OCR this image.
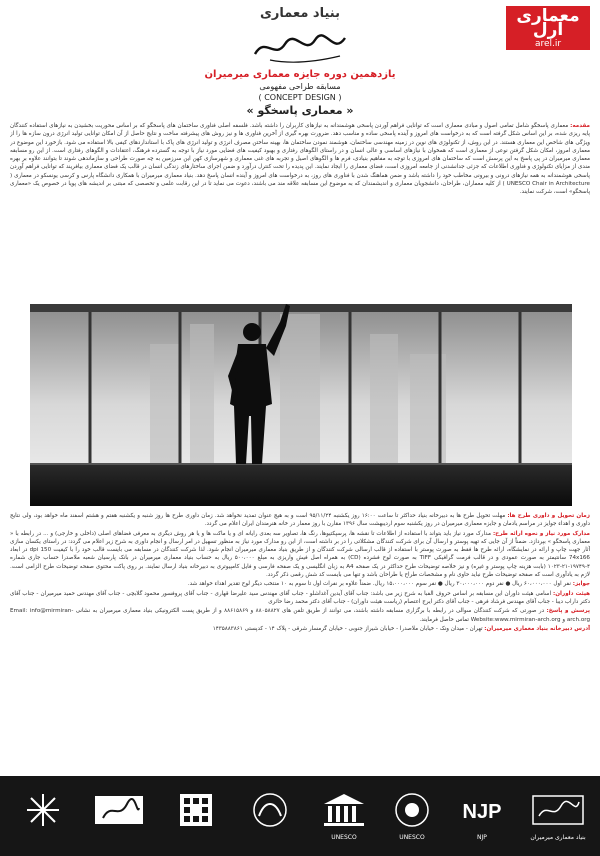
معماری آرل
arel.ir
بنیاد معماری
یازدهمین دوره جایزه معماری میرمیران
مسابقه طراحی مفهومی
( CONCEPT DESIGN )
« معماری پاسخگو »
مقدمه: معماری پاسخگو شامل تمامی اصول و مبادی معماری است که توانایی فراهم آوردن پاسخی هوشمندانه به نیازهای کاربران را داشته باشد. فلسفه اصلی فناوری ساختمان های پاسخگو که بر اساس محوریت بخشیدن به نیازهای استفاده کنندگان پایه ریزی شده، بر این اساس شکل گرفته است که به درخواست های امروز و آینده پاسخی ساده و مناسب دهد. ضرورت بهره گیری از آخرین فناوری ها و نیز روش های پیشرفته ساخت و نتایج حاصل از آن امکان توانایی تولید انرژی درون سازه ها را از ویژگی های شاخص این معماری هستند. در این روش، از تکنولوژی های نوین در زمینه مهندسی ساختمان، هوشمند نمودن ساختمان ها، بهینه ساختن مصرف انرژی و تولید انرژی های پاک با استانداردهای کیفی بالا استفاده می شود. بازخورد این موضوع در معماری امروز، امکان شکل گرفتن نوعی از معماری است که همخوان با نیازهای اساسی و عالی انسان و در راستای الگوهای رفتاری و بهبود کیفیت های فضایی مورد نیاز با توجه به گسترده فرهنگ، اعتقادات و الگوهای رفتاری است. از این رو مسابقه معماری میرمیران در پی پاسخ به این پرسش است که ساختمان های امروزی با توجه به مفاهیم بنیادی، فرم ها و الگوهای اصیل و تجربه های غنی معماری و شهرسازی کهن این سرزمین به چه صورت طراحی و سازماندهی شوند تا بتوانند علاوه بر بهره مندی از مزایای تکنولوژی و فناوری اطلاعات که جزئی جدانشدنی از جامعه امروزی است، فضای معماری را ایجاد نمایند. این پدیده را تحت کنترل درآورد و ضمن اجرای ساختارهای زندگی انسان در قالب یک فضای معماری بیافریند که توانایی فراهم آوردن پاسخی هوشمندانه به همه نیازهای درونی و بیرونی مخاطب خود را داشته باشد و ضمن هماهنگ شدن با فناوری های روز، به درخواست های امروز و آینده انسان پاسخ دهد. بنیاد معماری میرمیران با همکاری دانشگاه پارس و کرسی یونسکو در معماری ( UNESCO Chair in Architecture ) از کلیه معماران، طراحان، دانشجویان معماری و اندیشمندان که به موضوع این مسابقه علاقه مند می باشند، دعوت می نماید تا در این رقابت علمی و تخصصی که مبتنی بر اندیشه های پویا در خصوص یک «معماری پاسخگو» است، شرکت نمایند.

زمان تحویل و داوری طرح ها: مهلت تحویل طرح ها به دبیرخانه بنیاد حداکثر تا ساعت ۱۶:۰۰ روز یکشنبه ۹۵/۱۱/۲۴ است و به هیچ عنوان تمدید نخواهد شد. زمان داوری طرح ها روز شنبه و یکشنبه هفتم و هشتم اسفند ماه خواهد بود، ولی نتایج داوری و اهداء جوایز در مراسم یادمان و جایزه معماری میرمیران در روز یکشنبه سوم اردیبهشت سال ۱۳۹۶ مقارن با روز معمار در خانه هنرمندان ایران اعلام می گردد.

مدارک مورد نیاز و نحوه ارائه طرح: مدارک مورد نیاز باید بتواند با استفاده از اطلاعات تا نقشه ها، پرسپکتیوها، رنگ ها، تصاویر سه بعدی رایانه ای و یا ماکت ها و یا هر روش دیگری به معرفی فضاهای اصلی (داخلی و خارجی) و ... در رابطه با « معماری پاسخگو » بپردازد. ضمناً از آن جایی که تهیه پوستر و ارسال آن برای شرکت کنندگان مشکلاتی را در بر داشته است، از این رو مدارک مورد نیاز به منظور تسهیل در امر ارسال و انجام داوری به شرح زیر اعلام می گردد: در راستای یکسان سازی آثار جهت چاپ و ارائه در نمایشگاه، ارائه طرح ها فقط به صورت پوستر با استفاده از قالب ارسالی شرکت کنندگان و از طریق بنیاد معماری میرمیران انجام شود. لذا شرکت کنندگان در مسابقه می بایست قالب خود را با کیفیت 150 dpi در ابعاد 74x166 سانتیمتر به صورت عمودی و در قالب فرمت گرافیکی TIFF به صورت لوح فشرده (CD) به همراه اصل فیش واریزی به مبلغ ۵۰۰،۰۰۰ ریال به حساب بنیاد معماری میرمیران در بانک پارسیان شعبه ملاصدرا حساب جاری شماره ۴-۱۹۷۴۹-۲۱-۱۰۲۳ (بابت هزینه چاپ پوستر و غیره) و نیز خلاصه توضیحات طرح حداکثر در یک صفحه A4 به زبان انگلیسی و یک صفحه فارسی و فایل کامپیوتری به دبیرخانه بنیاد ارسال نمایند. بر روی پاکت محتوی صفحه توضیحات طرح الزامی است. لازم به یادآوری است که صفحه توضیحات طرح نباید حاوی نام و مشخصات طراح یا طراحان باشد و تنها می بایست کد شش رقمی ذکر گردد.

جوایز: نفر اول ۶۰،۰۰۰،۰۰۰ ریال ● نفر دوم ۳۰،۰۰۰،۰۰۰ ریال ● نفر سوم ۱۵،۰۰۰،۰۰۰ ریال. ضمناً علاوه بر نفرات اول تا سوم به ۱۰ منتخب دیگر لوح تقدیر اهداء خواهد شد.

هیئت داوران: اسامی هیئت داوران این مسابقه بر اساس حروف الفبا به شرح زیر می باشد: جناب آقای آیدین آغداشلو - جناب آقای مهندس سید علیرضا قهاری - جناب آقای پروفسور محمود گلابچی - جناب آقای مهندس حمید میرمیران - جناب آقای دکتر داراب دیبا - جناب آقای مهندس فرشاد فرهی - جناب آقای دکتر ایرج اعتصام (ریاست هیئت داوران) - جناب آقای دکتر محمد رضا حائری

پرسش و پاسخ: در صورتی که شرکت کنندگان سوالی در رابطه با برگزاری مسابقه داشته باشند، می توانند از طریق تلفن های ۸۸۰۵۸۸۲۷ و ۸۸۶۱۵۸۶۹ و از طریق پست الکترونیکی بنیاد معماری میرمیران به نشانی Email: info@mirmiran-arch.org و Website:www.mirmiran-arch.org تماس حاصل فرمایند.

آدرس دبیرخانه بنیاد معماری میرمیران: تهران - میدان ونک - خیابان ملاصدرا - خیابان شیراز جنوبی - خیابان گرمسار شرقی - پلاک ۱۴ - کدپستی ۱۴۳۵۸۸۳۸۶۱

بنیاد معماری میرمیران
NJP
NJP
UNESCO
UNESCO
